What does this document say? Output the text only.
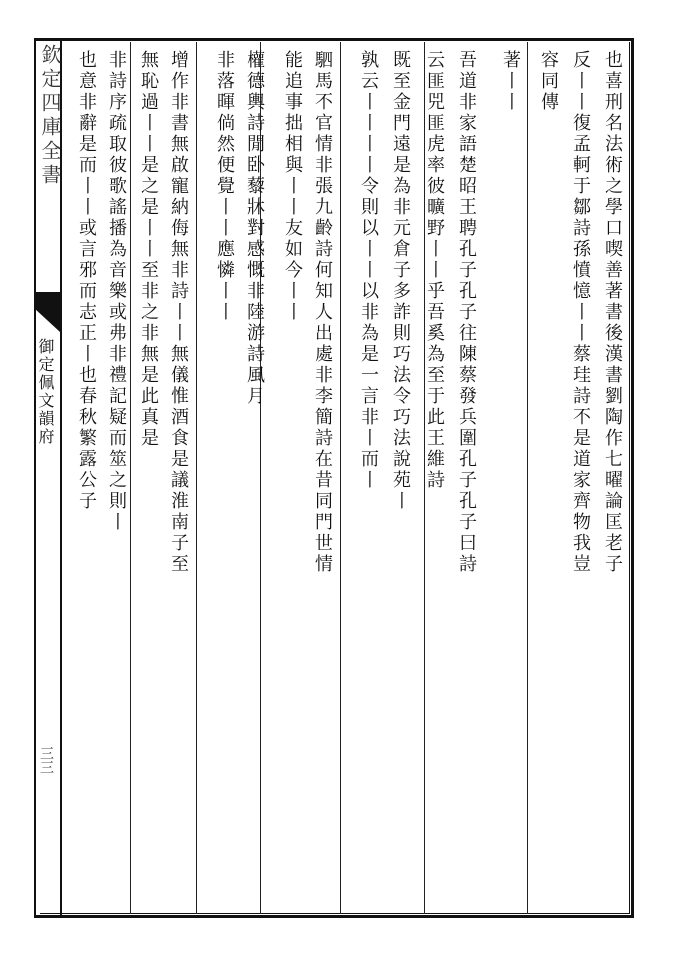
欽定四庫全書
御定佩文韻府
三三
也喜刑名法術之學口喫善著書後漢書劉陶作七曜論匡老子
反丨丨復孟軻于鄒詩孫憤憶丨丨蔡珪詩不是道家齊物我豈
容同傳
著丨丨
吾道非家語楚昭王聘孔子孔子往陳蔡發兵圍孔子孔子曰詩
云匪兕匪虎率彼曠野丨丨乎吾奚為至于此王維詩
既至金門遠是為非元倉子多詐則巧法令巧法說苑丨
孰云丨丨丨丨令則以丨丨以非為是一言非丨而丨
駟馬不官情非張九齡詩何知人出處非李簡詩在昔同門世情
能追事拙相與丨丨友如今丨丨
權德輿詩閒卧藜牀對感慨非陸游詩風月
非落暉倘然便覺丨丨應憐丨丨
增作非書無啟寵納侮無非詩丨丨無儀惟酒食是議淮南子至
無恥過丨丨是之是丨丨至非之非無是此真是
非詩序疏取彼歌謠播為音樂或弗非禮記疑而筮之則丨
也意非辭是而丨丨或言邪而志正丨也春秋繁露公子
